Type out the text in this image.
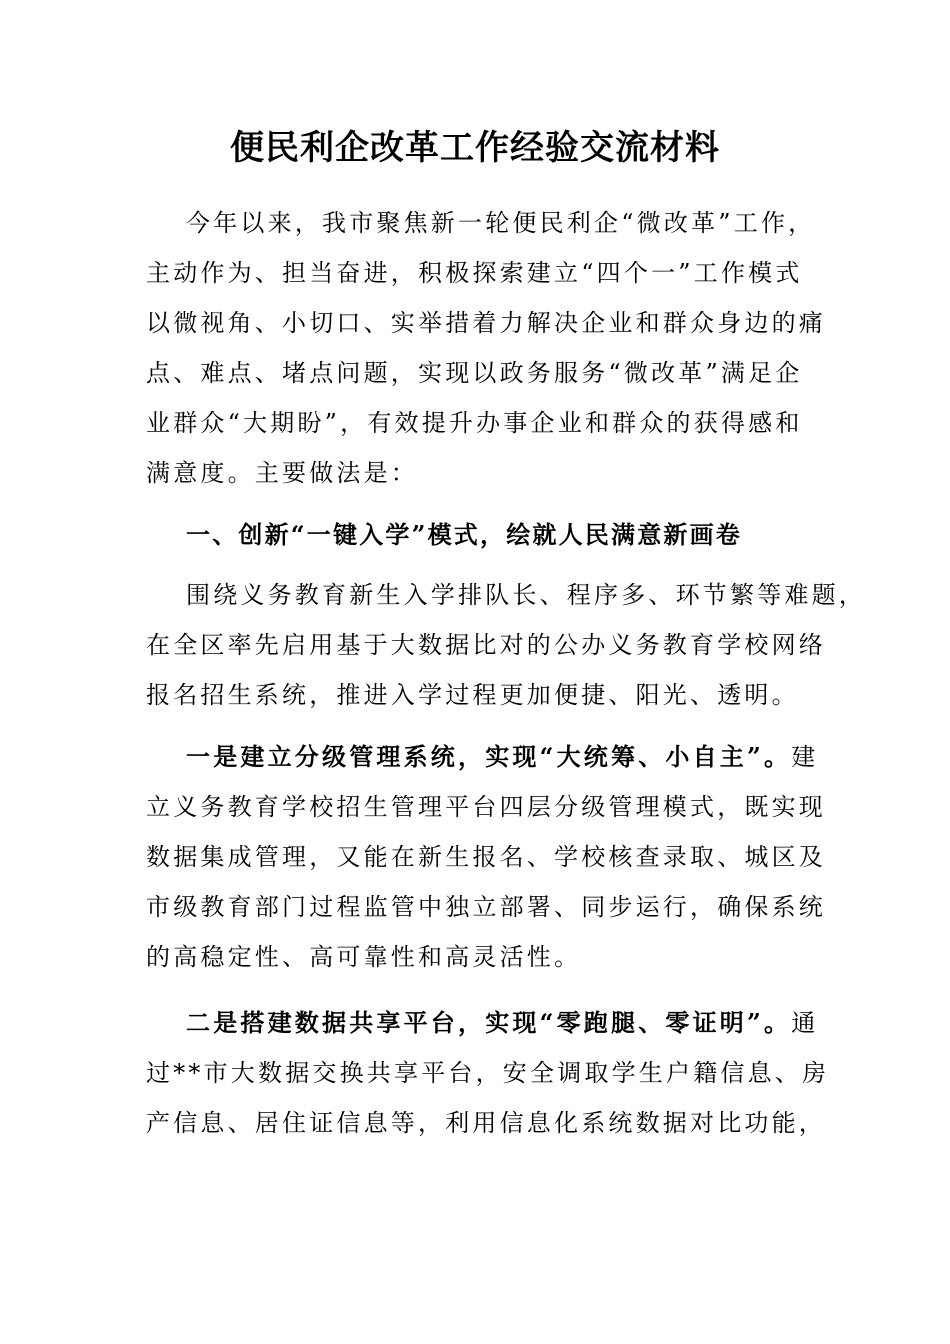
便民利企改革工作经验交流材料
今年以来，我市聚焦新一轮便民利企“微改革”工作，
主动作为、担当奋进，积极探索建立“四个一”工作模式
以微视角、小切口、实举措着力解决企业和群众身边的痛
点、难点、堵点问题，实现以政务服务“微改革”满足企
业群众“大期盼”，有效提升办事企业和群众的获得感和
满意度。主要做法是：
一、创新“一键入学”模式，绘就人民满意新画卷
围绕义务教育新生入学排队长、程序多、环节繁等难题，
在全区率先启用基于大数据比对的公办义务教育学校网络
报名招生系统，推进入学过程更加便捷、阳光、透明。
一是建立分级管理系统，实现“大统筹、小自主”。建
立义务教育学校招生管理平台四层分级管理模式，既实现
数据集成管理，又能在新生报名、学校核查录取、城区及
市级教育部门过程监管中独立部署、同步运行，确保系统
的高稳定性、高可靠性和高灵活性。
二是搭建数据共享平台，实现“零跑腿、零证明”。通
过**市大数据交换共享平台，安全调取学生户籍信息、房
产信息、居住证信息等，利用信息化系统数据对比功能，
